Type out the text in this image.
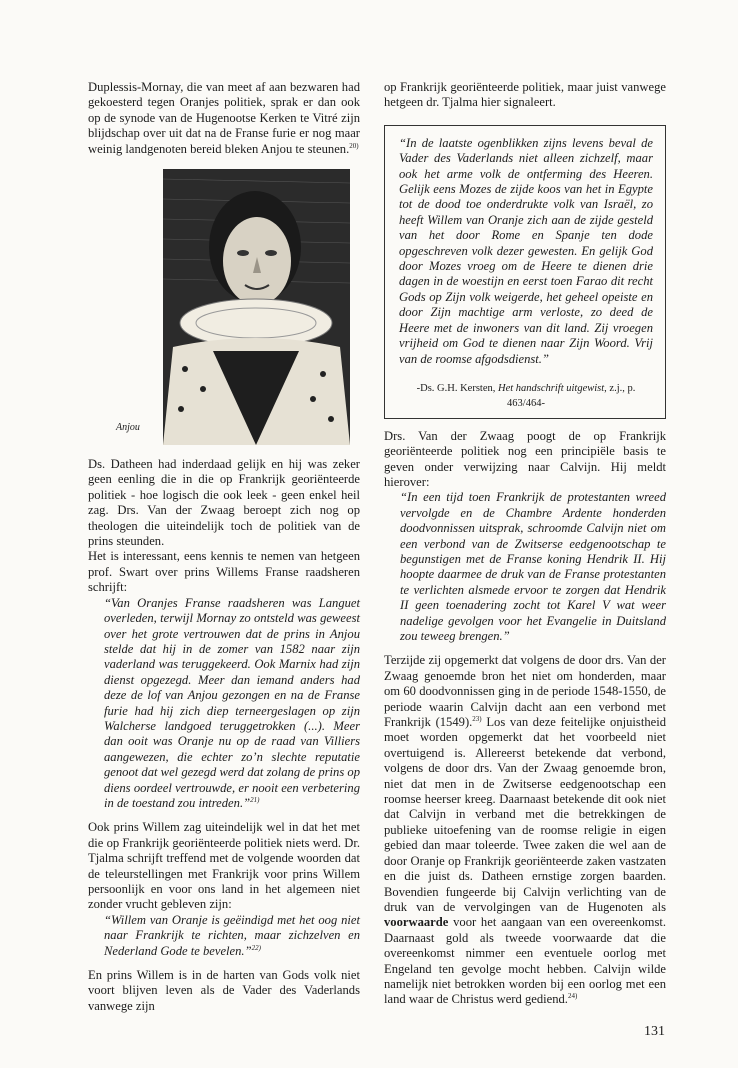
Duplessis-Mornay, die van meet af aan bezwaren had gekoesterd tegen Oranjes politiek, sprak er dan ook op de synode van de Hugenootse Kerken te Vitré zijn blijdschap over uit dat na de Franse furie er nog maar weinig landgenoten bereid bleken Anjou te steunen.$^{20)}$

Anjou

Ds. Datheen had inderdaad gelijk en hij was zeker geen eenling die in die op Frankrijk georiënteerde politiek - hoe logisch die ook leek - geen enkel heil zag. Drs. Van der Zwaag beroept zich nog op theologen die uiteindelijk toch de politiek van de prins steunden.

Het is interessant, eens kennis te nemen van hetgeen prof. Swart over prins Willems Franse raadsheren schrijft:

“Van Oranjes Franse raadsheren was Languet overleden, terwijl Mornay zo ontsteld was geweest over het grote vertrouwen dat de prins in Anjou stelde dat hij in de zomer van 1582 naar zijn vaderland was teruggekeerd. Ook Marnix had zijn dienst opgezegd. Meer dan iemand anders had deze de lof van Anjou gezongen en na de Franse furie had hij zich diep terneergeslagen op zijn Walcherse landgoed teruggetrokken (...). Meer dan ooit was Oranje nu op de raad van Villiers aangewezen, die echter zo’n slechte reputatie genoot dat wel gezegd werd dat zolang de prins op diens oordeel vertrouwde, er nooit een verbetering in de toestand zou intreden.”$^{21)}$

Ook prins Willem zag uiteindelijk wel in dat het met die op Frankrijk georiënteerde politiek niets werd. Dr. Tjalma schrijft treffend met de volgende woorden dat de teleurstellingen met Frankrijk voor prins Willem persoonlijk en voor ons land in het algemeen niet zonder vrucht gebleven zijn:

“Willem van Oranje is geëindigd met het oog niet naar Frankrijk te richten, maar zichzelven en Nederland Gode te bevelen.”$^{22)}$

En prins Willem is in de harten van Gods volk niet voort blijven leven als de Vader des Vaderlands vanwege zijn

op Frankrijk georiënteerde politiek, maar juist vanwege hetgeen dr. Tjalma hier signaleert.

“In de laatste ogenblikken zijns levens beval de Vader des Vaderlands niet alleen zichzelf, maar ook het arme volk de ontferming des Heeren. Gelijk eens Mozes de zijde koos van het in Egypte tot de dood toe onderdrukte volk van Israël, zo heeft Willem van Oranje zich aan de zijde gesteld van het door Rome en Spanje ten dode opgeschreven volk dezer gewesten. En gelijk God door Mozes vroeg om de Heere te dienen drie dagen in de woestijn en eerst toen Farao dit recht Gods op Zijn volk weigerde, het geheel opeiste en door Zijn machtige arm verloste, zo deed de Heere met de inwoners van dit land. Zij vroegen vrijheid om God te dienen naar Zijn Woord. Vrij van de roomse afgodsdienst.”

-Ds. G.H. Kersten, Het handschrift uitgewist, z.j., p. 463/464-

Drs. Van der Zwaag poogt de op Frankrijk georiënteerde politiek nog een principiële basis te geven onder verwijzing naar Calvijn. Hij meldt hierover:

“In een tijd toen Frankrijk de protestanten wreed vervolgde en de Chambre Ardente honderden doodvonnissen uitsprak, schroomde Calvijn niet om een verbond van de Zwitserse eedgenootschap te begunstigen met de Franse koning Hendrik II. Hij hoopte daarmee de druk van de Franse protestanten te verlichten alsmede ervoor te zorgen dat Hendrik II geen toenadering zocht tot Karel V wat weer nadelige gevolgen voor het Evangelie in Duitsland zou teweeg brengen.”

Terzijde zij opgemerkt dat volgens de door drs. Van der Zwaag genoemde bron het niet om honderden, maar om 60 doodvonnissen ging in de periode 1548-1550, de periode waarin Calvijn dacht aan een verbond met Frankrijk (1549).$^{23)}$ Los van deze feitelijke onjuistheid moet worden opgemerkt dat het voorbeeld niet overtuigend is. Allereerst betekende dat verbond, volgens de door drs. Van der Zwaag genoemde bron, niet dat men in de Zwitserse eedgenootschap een roomse heerser kreeg. Daarnaast betekende dit ook niet dat Calvijn in verband met die betrekkingen de publieke uitoefening van de roomse religie in eigen gebied dan maar toleerde. Twee zaken die wel aan de door Oranje op Frankrijk georiënteerde zaken vastzaten en die juist ds. Datheen ernstige zorgen baarden. Bovendien fungeerde bij Calvijn verlichting van de druk van de vervolgingen van de Hugenoten als voorwaarde voor het aangaan van een overeenkomst. Daarnaast gold als tweede voorwaarde dat die overeenkomst nimmer een eventuele oorlog met Engeland ten gevolge mocht hebben. Calvijn wilde namelijk niet betrokken worden bij een oorlog met een land waar de Christus werd gediend.$^{24)}$

131
